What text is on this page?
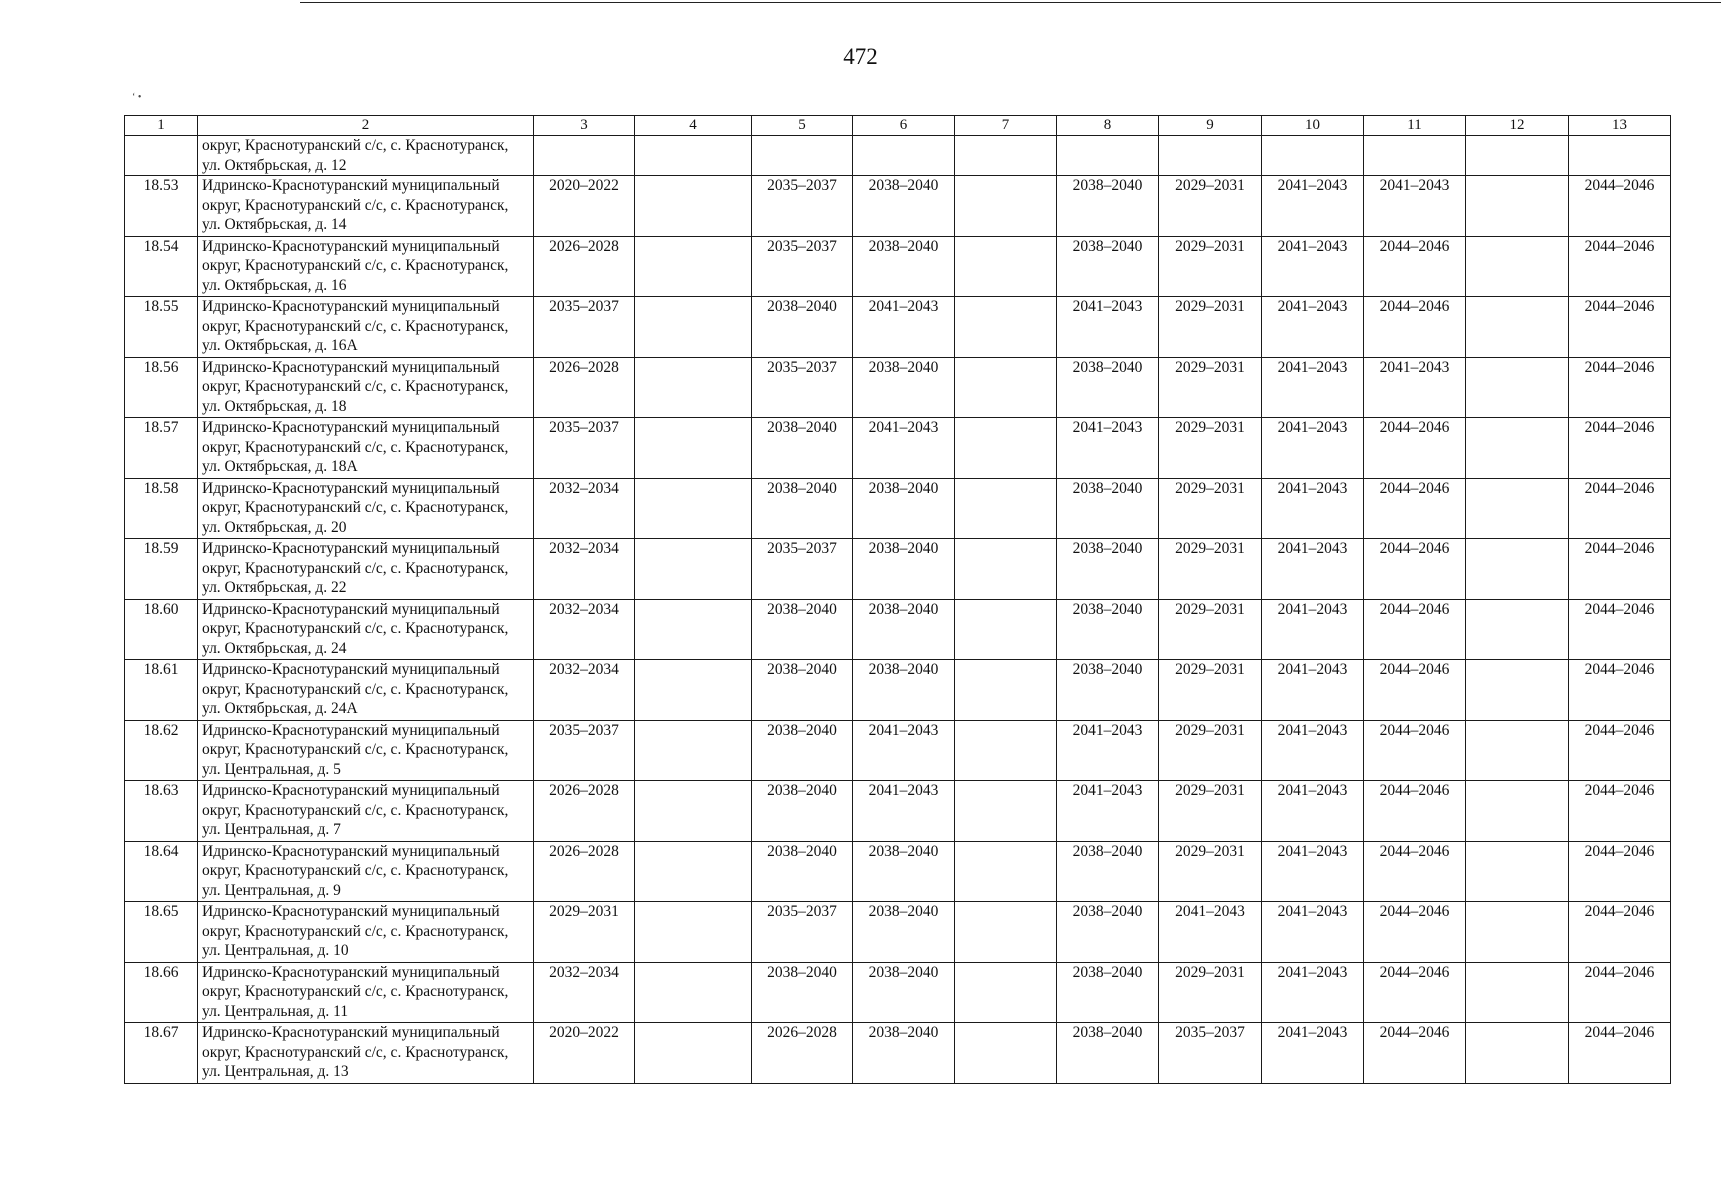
472
‘ •
1	2	3	4	5	6	7	8	9	10	11	12	13
	округ, Краснотуранский с/с, с. Краснотуранск,
ул. Октябрьская, д. 12											
18.53	Идринско-Краснотуранский муниципальный
округ, Краснотуранский с/с, с. Краснотуранск,
ул. Октябрьская, д. 14	2020–2022		2035–2037	2038–2040		2038–2040	2029–2031	2041–2043	2041–2043		2044–2046
18.54	Идринско-Краснотуранский муниципальный
округ, Краснотуранский с/с, с. Краснотуранск,
ул. Октябрьская, д. 16	2026–2028		2035–2037	2038–2040		2038–2040	2029–2031	2041–2043	2044–2046		2044–2046
18.55	Идринско-Краснотуранский муниципальный
округ, Краснотуранский с/с, с. Краснотуранск,
ул. Октябрьская, д. 16А	2035–2037		2038–2040	2041–2043		2041–2043	2029–2031	2041–2043	2044–2046		2044–2046
18.56	Идринско-Краснотуранский муниципальный
округ, Краснотуранский с/с, с. Краснотуранск,
ул. Октябрьская, д. 18	2026–2028		2035–2037	2038–2040		2038–2040	2029–2031	2041–2043	2041–2043		2044–2046
18.57	Идринско-Краснотуранский муниципальный
округ, Краснотуранский с/с, с. Краснотуранск,
ул. Октябрьская, д. 18А	2035–2037		2038–2040	2041–2043		2041–2043	2029–2031	2041–2043	2044–2046		2044–2046
18.58	Идринско-Краснотуранский муниципальный
округ, Краснотуранский с/с, с. Краснотуранск,
ул. Октябрьская, д. 20	2032–2034		2038–2040	2038–2040		2038–2040	2029–2031	2041–2043	2044–2046		2044–2046
18.59	Идринско-Краснотуранский муниципальный
округ, Краснотуранский с/с, с. Краснотуранск,
ул. Октябрьская, д. 22	2032–2034		2035–2037	2038–2040		2038–2040	2029–2031	2041–2043	2044–2046		2044–2046
18.60	Идринско-Краснотуранский муниципальный
округ, Краснотуранский с/с, с. Краснотуранск,
ул. Октябрьская, д. 24	2032–2034		2038–2040	2038–2040		2038–2040	2029–2031	2041–2043	2044–2046		2044–2046
18.61	Идринско-Краснотуранский муниципальный
округ, Краснотуранский с/с, с. Краснотуранск,
ул. Октябрьская, д. 24А	2032–2034		2038–2040	2038–2040		2038–2040	2029–2031	2041–2043	2044–2046		2044–2046
18.62	Идринско-Краснотуранский муниципальный
округ, Краснотуранский с/с, с. Краснотуранск,
ул. Центральная, д. 5	2035–2037		2038–2040	2041–2043		2041–2043	2029–2031	2041–2043	2044–2046		2044–2046
18.63	Идринско-Краснотуранский муниципальный
округ, Краснотуранский с/с, с. Краснотуранск,
ул. Центральная, д. 7	2026–2028		2038–2040	2041–2043		2041–2043	2029–2031	2041–2043	2044–2046		2044–2046
18.64	Идринско-Краснотуранский муниципальный
округ, Краснотуранский с/с, с. Краснотуранск,
ул. Центральная, д. 9	2026–2028		2038–2040	2038–2040		2038–2040	2029–2031	2041–2043	2044–2046		2044–2046
18.65	Идринско-Краснотуранский муниципальный
округ, Краснотуранский с/с, с. Краснотуранск,
ул. Центральная, д. 10	2029–2031		2035–2037	2038–2040		2038–2040	2041–2043	2041–2043	2044–2046		2044–2046
18.66	Идринско-Краснотуранский муниципальный
округ, Краснотуранский с/с, с. Краснотуранск,
ул. Центральная, д. 11	2032–2034		2038–2040	2038–2040		2038–2040	2029–2031	2041–2043	2044–2046		2044–2046
18.67	Идринско-Краснотуранский муниципальный
округ, Краснотуранский с/с, с. Краснотуранск,
ул. Центральная, д. 13	2020–2022		2026–2028	2038–2040		2038–2040	2035–2037	2041–2043	2044–2046		2044–2046
